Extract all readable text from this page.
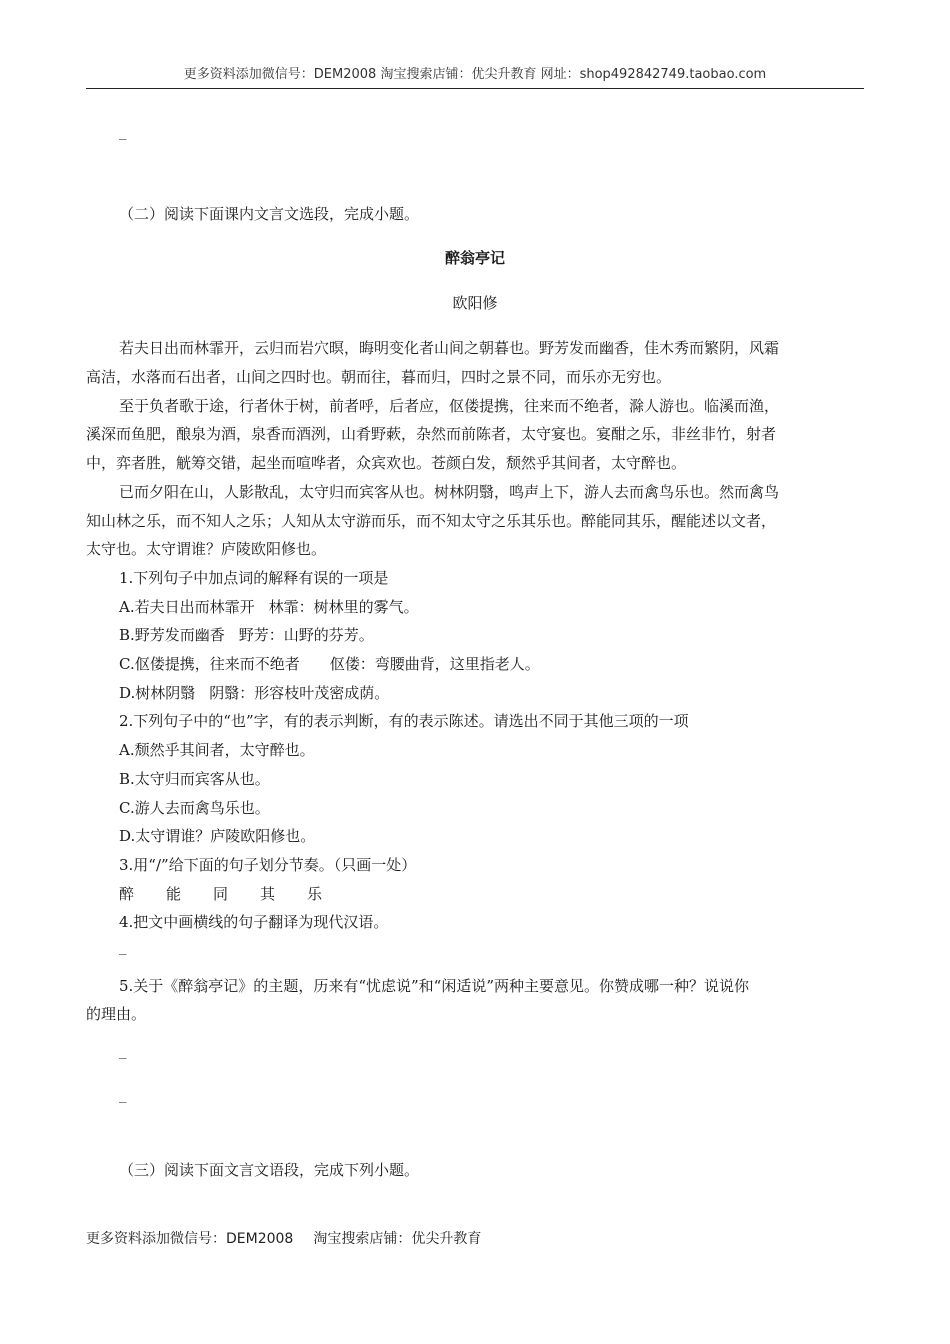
更多资料添加微信号：DEM2008 淘宝搜索店铺：优尖升教育 网址：shop492842749.taobao.com
_
（二）阅读下面课内文言文选段，完成小题。
醉翁亭记
欧阳修
若夫日出而林霏开，云归而岩穴暝，晦明变化者山间之朝暮也。野芳发而幽香，佳木秀而繁阴，风霜
高洁，水落而石出者，山间之四时也。朝而往，暮而归，四时之景不同，而乐亦无穷也。
至于负者歌于途，行者休于树，前者呼，后者应，伛偻提携，往来而不绝者，滁人游也。临溪而渔，
溪深而鱼肥，酿泉为酒，泉香而酒洌，山肴野蔌，杂然而前陈者，太守宴也。宴酣之乐，非丝非竹，射者
中，弈者胜，觥筹交错，起坐而喧哗者，众宾欢也。苍颜白发，颓然乎其间者，太守醉也。
已而夕阳在山，人影散乱，太守归而宾客从也。树林阴翳，鸣声上下，游人去而禽鸟乐也。然而禽鸟
知山林之乐，而不知人之乐；人知从太守游而乐，而不知太守之乐其乐也。醉能同其乐，醒能述以文者，
太守也。太守谓谁？庐陵欧阳修也。
1.下列句子中加点词的解释有误的一项是
A.若夫日出而林霏开 林霏：树林里的雾气。
B.野芳发而幽香 野芳：山野的芬芳。
C.伛偻提携，往来而不绝者 伛偻：弯腰曲背，这里指老人。
D.树林阴翳 阴翳：形容枝叶茂密成荫。
2.下列句子中的“也”字，有的表示判断，有的表示陈述。请选出不同于其他三项的一项
A.颓然乎其间者，太守醉也。
B.太守归而宾客从也。
C.游人去而禽鸟乐也。
D.太守谓谁？庐陵欧阳修也。
3.用“/”给下面的句子划分节奏。（只画一处）
醉 能 同 其 乐
4.把文中画横线的句子翻译为现代汉语。
_
5.关于《醉翁亭记》的主题，历来有“忧虑说”和“闲适说”两种主要意见。你赞成哪一种？说说你
的理由。
_
_
（三）阅读下面文言文语段，完成下列小题。
更多资料添加微信号：DEM2008 淘宝搜索店铺：优尖升教育
